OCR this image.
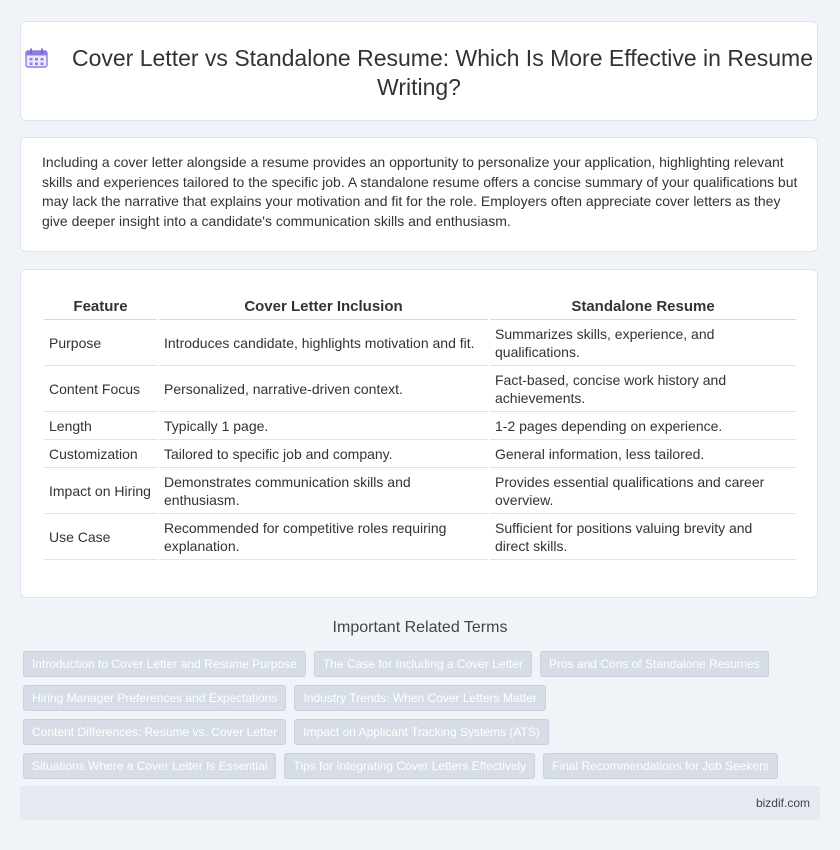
Cover Letter vs Standalone Resume: Which Is More Effective in Resume Writing?
Including a cover letter alongside a resume provides an opportunity to personalize your application, highlighting relevant skills and experiences tailored to the specific job. A standalone resume offers a concise summary of your qualifications but may lack the narrative that explains your motivation and fit for the role. Employers often appreciate cover letters as they give deeper insight into a candidate's communication skills and enthusiasm.
Feature	Cover Letter Inclusion	Standalone Resume
Purpose	Introduces candidate, highlights motivation and fit.	Summarizes skills, experience, and qualifications.
Content Focus	Personalized, narrative-driven context.	Fact-based, concise work history and achievements.
Length	Typically 1 page.	1-2 pages depending on experience.
Customization	Tailored to specific job and company.	General information, less tailored.
Impact on Hiring	Demonstrates communication skills and enthusiasm.	Provides essential qualifications and career overview.
Use Case	Recommended for competitive roles requiring explanation.	Sufficient for positions valuing brevity and direct skills.
Important Related Terms
Introduction to Cover Letter and Resume Purpose	The Case for Including a Cover Letter	Pros and Cons of Standalone Resumes
Hiring Manager Preferences and Expectations	Industry Trends: When Cover Letters Matter
Content Differences: Resume vs. Cover Letter	Impact on Applicant Tracking Systems (ATS)
Situations Where a Cover Letter Is Essential	Tips for Integrating Cover Letters Effectively	Final Recommendations for Job Seekers
bizdif.com
